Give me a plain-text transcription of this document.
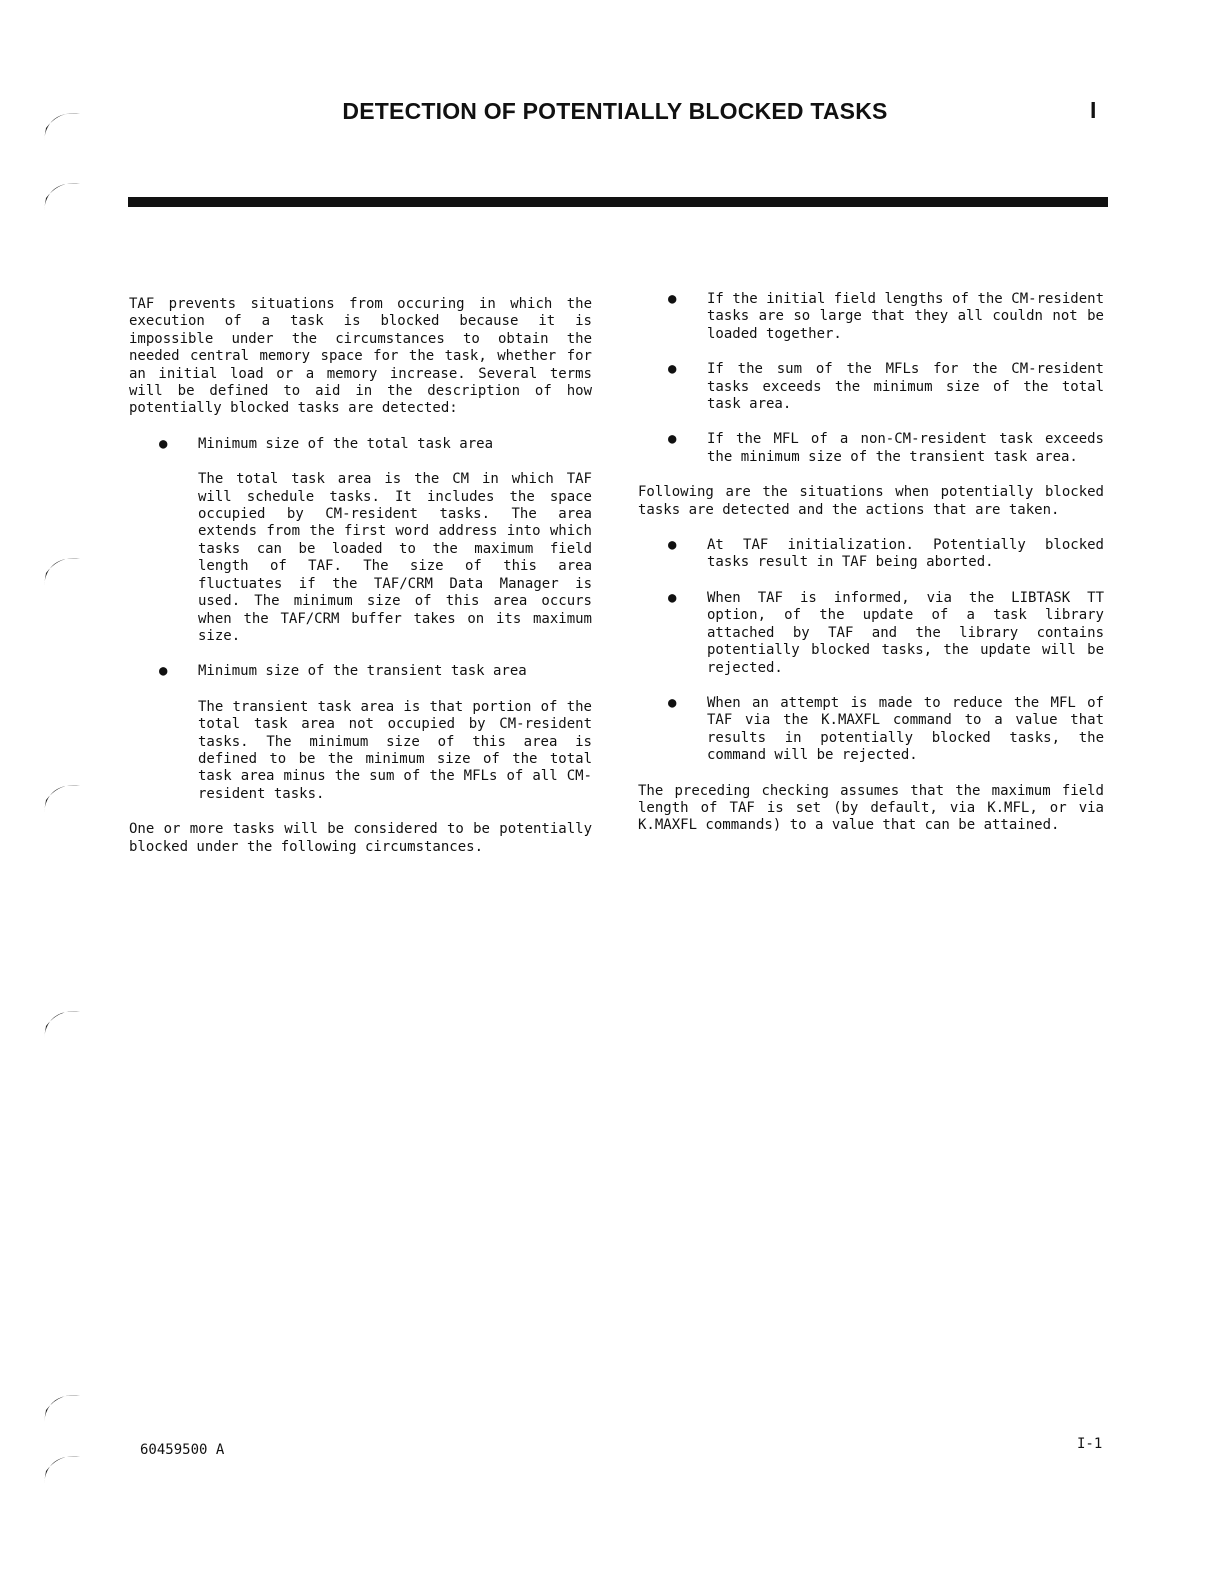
DETECTION OF POTENTIALLY BLOCKED TASKS	I

TAF prevents situations from occuring in which the execution of a task is blocked because it is impossible under the circumstances to obtain the needed central memory space for the task, whether for an initial load or a memory increase. Several terms will be defined to aid in the description of how potentially blocked tasks are detected:

● Minimum size of the total task area

The total task area is the CM in which TAF will schedule tasks. It includes the space occupied by CM-resident tasks. The area extends from the first word address into which tasks can be loaded to the maximum field length of TAF. The size of this area fluctuates if the TAF/CRM Data Manager is used. The minimum size of this area occurs when the TAF/CRM buffer takes on its maximum size.

● Minimum size of the transient task area

The transient task area is that portion of the total task area not occupied by CM-resident tasks. The minimum size of this area is defined to be the minimum size of the total task area minus the sum of the MFLs of all CM-resident tasks.

One or more tasks will be considered to be potentially blocked under the following circumstances.

● If the initial field lengths of the CM-resident tasks are so large that they all couldn not be loaded together.

● If the sum of the MFLs for the CM-resident tasks exceeds the minimum size of the total task area.

● If the MFL of a non-CM-resident task exceeds the minimum size of the transient task area.

Following are the situations when potentially blocked tasks are detected and the actions that are taken.

● At TAF initialization. Potentially blocked tasks result in TAF being aborted.

● When TAF is informed, via the LIBTASK TT option, of the update of a task library attached by TAF and the library contains potentially blocked tasks, the update will be rejected.

● When an attempt is made to reduce the MFL of TAF via the K.MAXFL command to a value that results in potentially blocked tasks, the command will be rejected.

The preceding checking assumes that the maximum field length of TAF is set (by default, via K.MFL, or via K.MAXFL commands) to a value that can be attained.

60459500 A	I-1
